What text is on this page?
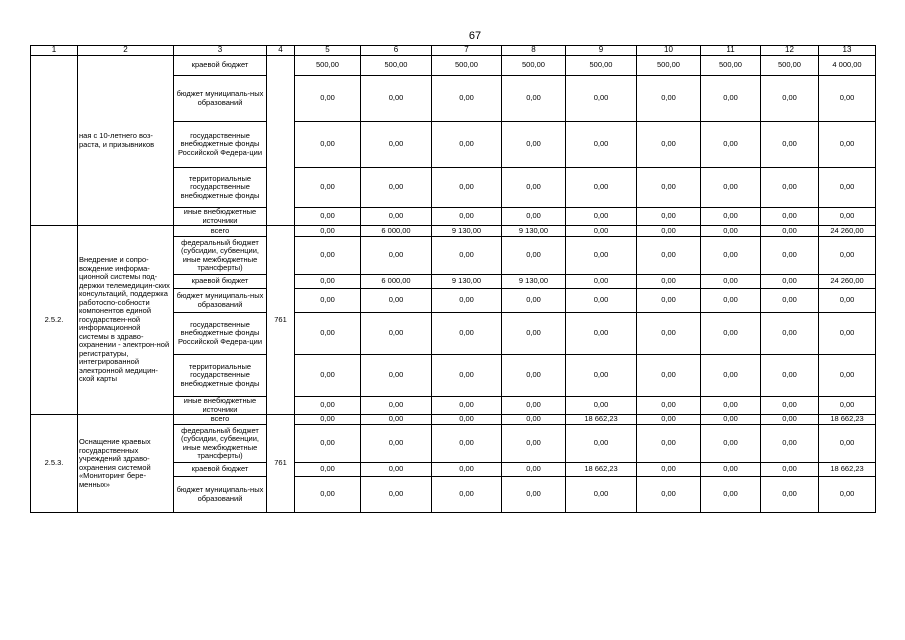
67
1	2	3	4	5	6	7	8	9	10	11	12	13
	ная с 10-летнего воз-раста, и призывников	краевой бюджет		500,00	500,00	500,00	500,00	500,00	500,00	500,00	500,00	4 000,00
		бюджет муниципаль-ных образований		0,00	0,00	0,00	0,00	0,00	0,00	0,00	0,00	0,00
		государственные внебюджетные фонды Российской Федера-ции		0,00	0,00	0,00	0,00	0,00	0,00	0,00	0,00	0,00
		территориальные государственные внебюджетные фонды		0,00	0,00	0,00	0,00	0,00	0,00	0,00	0,00	0,00
		иные внебюджетные источники		0,00	0,00	0,00	0,00	0,00	0,00	0,00	0,00	0,00
2.5.2.	Внедрение и сопро-вождение информа-ционной системы под-держки телемедицин-ских консультаций, поддержка работоспо-собности компонентов единой государствен-ной информационной системы в здраво-охранении - электрон-ной регистратуры, интегрированной электронной медицин-ской карты	всего	761	0,00	6 000,00	9 130,00	9 130,00	0,00	0,00	0,00	0,00	24 260,00
		федеральный бюджет (субсидии, субвенции, иные межбюджетные трансферты)		0,00	0,00	0,00	0,00	0,00	0,00	0,00	0,00	0,00
		краевой бюджет		0,00	6 000,00	9 130,00	9 130,00	0,00	0,00	0,00	0,00	24 260,00
		бюджет муниципаль-ных образований		0,00	0,00	0,00	0,00	0,00	0,00	0,00	0,00	0,00
		государственные внебюджетные фонды Российской Федера-ции		0,00	0,00	0,00	0,00	0,00	0,00	0,00	0,00	0,00
		территориальные государственные внебюджетные фонды		0,00	0,00	0,00	0,00	0,00	0,00	0,00	0,00	0,00
		иные внебюджетные источники		0,00	0,00	0,00	0,00	0,00	0,00	0,00	0,00	0,00
2.5.3.	Оснащение краевых государственных учреждений здраво-охранения системой «Мониторинг бере-менных»	всего	761	0,00	0,00	0,00	0,00	18 662,23	0,00	0,00	0,00	18 662,23
		федеральный бюджет (субсидии, субвенции, иные межбюджетные трансферты)		0,00	0,00	0,00	0,00	0,00	0,00	0,00	0,00	0,00
		краевой бюджет		0,00	0,00	0,00	0,00	18 662,23	0,00	0,00	0,00	18 662,23
		бюджет муниципаль-ных образований		0,00	0,00	0,00	0,00	0,00	0,00	0,00	0,00	0,00
